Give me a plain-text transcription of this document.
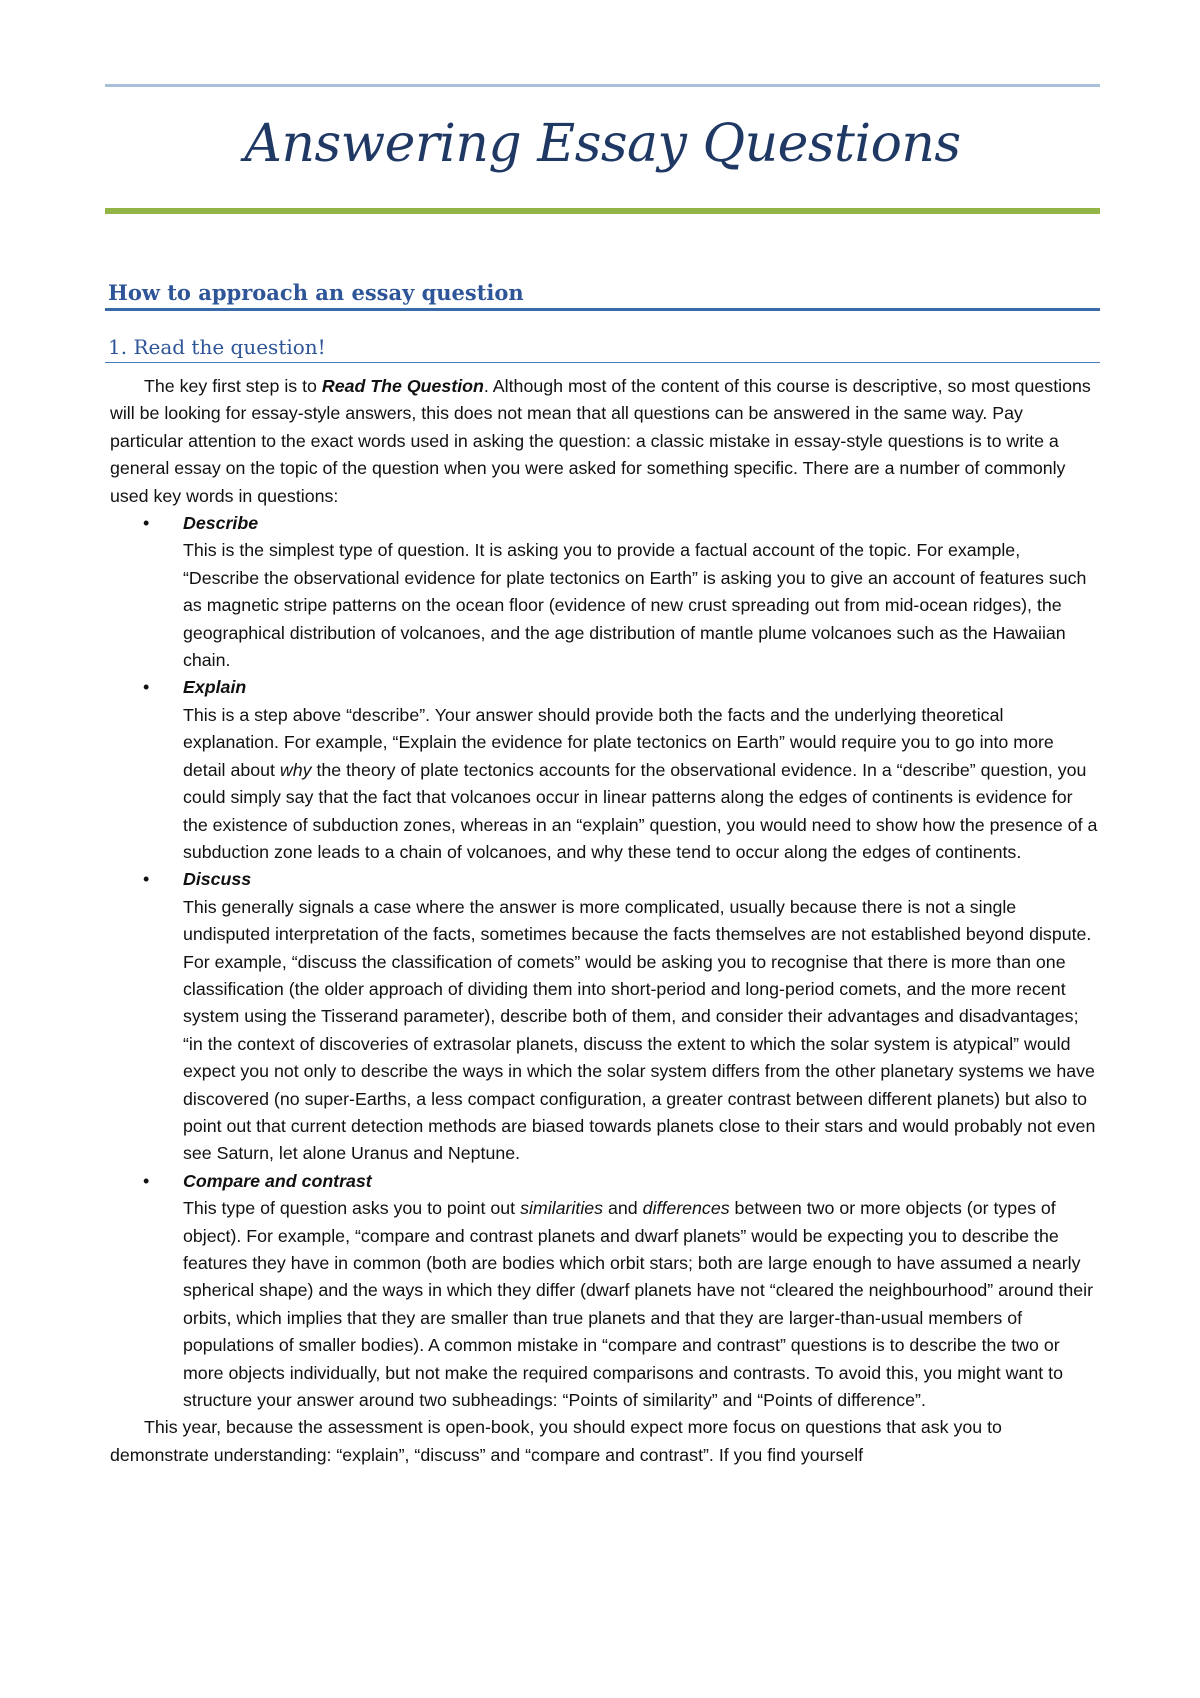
Answering Essay Questions
How to approach an essay question
1. Read the question!

The key first step is to Read The Question. Although most of the content of this course is descriptive, so most questions will be looking for essay-style answers, this does not mean that all questions can be answered in the same way. Pay particular attention to the exact words used in asking the question: a classic mistake in essay-style questions is to write a general essay on the topic of the question when you were asked for something specific. There are a number of commonly used key words in questions:

• Describe
This is the simplest type of question. It is asking you to provide a factual account of the topic. For example, “Describe the observational evidence for plate tectonics on Earth” is asking you to give an account of features such as magnetic stripe patterns on the ocean floor (evidence of new crust spreading out from mid-ocean ridges), the geographical distribution of volcanoes, and the age distribution of mantle plume volcanoes such as the Hawaiian chain.
• Explain
This is a step above “describe”. Your answer should provide both the facts and the underlying theoretical explanation. For example, “Explain the evidence for plate tectonics on Earth” would require you to go into more detail about why the theory of plate tectonics accounts for the observational evidence. In a “describe” question, you could simply say that the fact that volcanoes occur in linear patterns along the edges of continents is evidence for the existence of subduction zones, whereas in an “explain” question, you would need to show how the presence of a subduction zone leads to a chain of volcanoes, and why these tend to occur along the edges of continents.
• Discuss
This generally signals a case where the answer is more complicated, usually because there is not a single undisputed interpretation of the facts, sometimes because the facts themselves are not established beyond dispute. For example, “discuss the classification of comets” would be asking you to recognise that there is more than one classification (the older approach of dividing them into short-period and long-period comets, and the more recent system using the Tisserand parameter), describe both of them, and consider their advantages and disadvantages; “in the context of discoveries of extrasolar planets, discuss the extent to which the solar system is atypical” would expect you not only to describe the ways in which the solar system differs from the other planetary systems we have discovered (no super-Earths, a less compact configuration, a greater contrast between different planets) but also to point out that current detection methods are biased towards planets close to their stars and would probably not even see Saturn, let alone Uranus and Neptune.
• Compare and contrast
This type of question asks you to point out similarities and differences between two or more objects (or types of object). For example, “compare and contrast planets and dwarf planets” would be expecting you to describe the features they have in common (both are bodies which orbit stars; both are large enough to have assumed a nearly spherical shape) and the ways in which they differ (dwarf planets have not “cleared the neighbourhood” around their orbits, which implies that they are smaller than true planets and that they are larger-than-usual members of populations of smaller bodies). A common mistake in “compare and contrast” questions is to describe the two or more objects individually, but not make the required comparisons and contrasts. To avoid this, you might want to structure your answer around two subheadings: “Points of similarity” and “Points of difference”.

This year, because the assessment is open-book, you should expect more focus on questions that ask you to demonstrate understanding: “explain”, “discuss” and “compare and contrast”. If you find yourself
